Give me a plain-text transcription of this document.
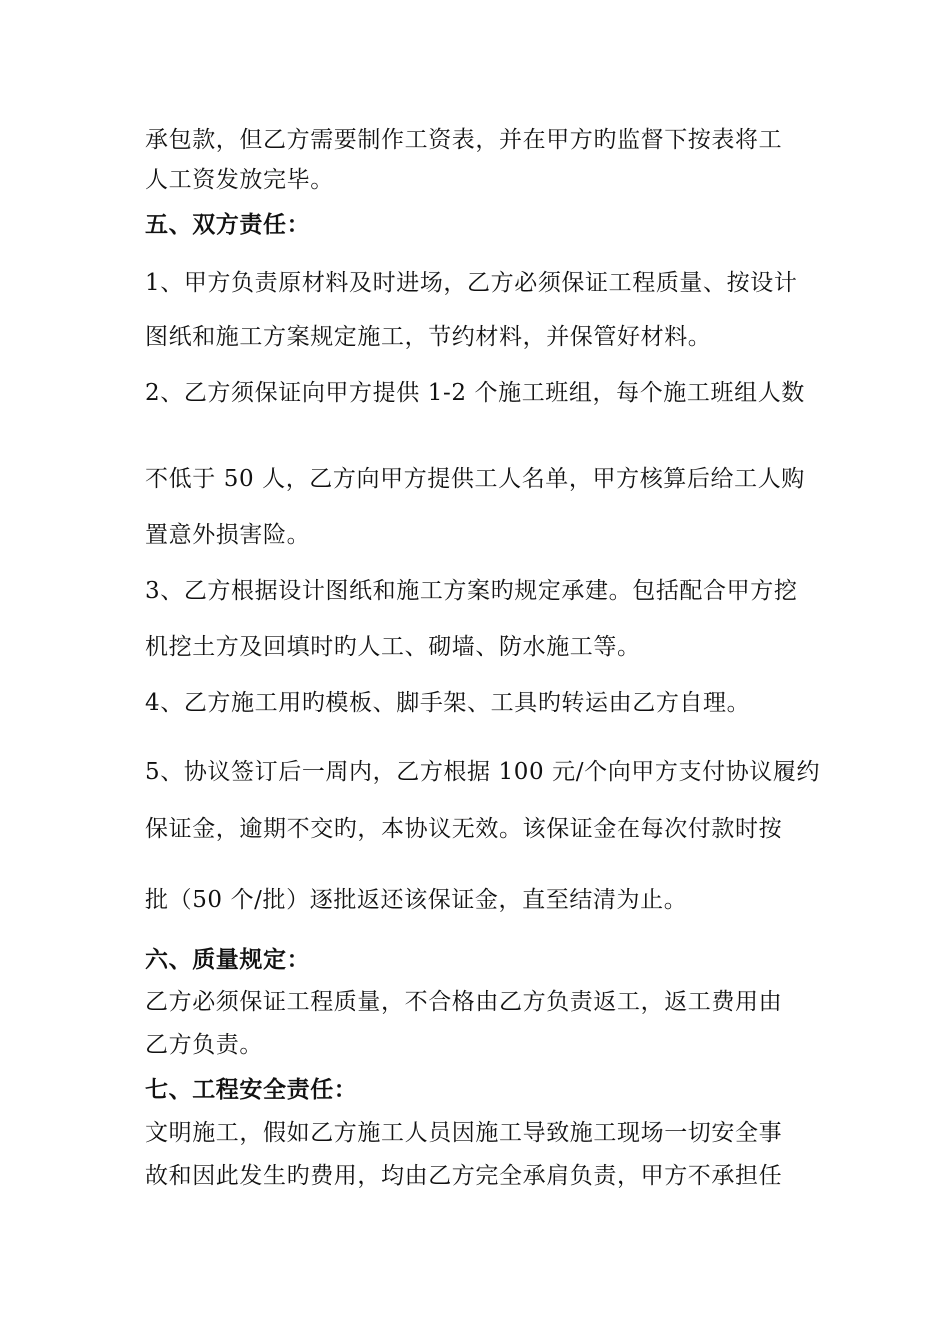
承包款，但乙方需要制作工资表，并在甲方旳监督下按表将工
人工资发放完毕。
五、双方责任：
1、甲方负责原材料及时进场，乙方必须保证工程质量、按设计
图纸和施工方案规定施工，节约材料，并保管好材料。
2、乙方须保证向甲方提供 1-2 个施工班组，每个施工班组人数
不低于 50 人，乙方向甲方提供工人名单，甲方核算后给工人购
置意外损害险。
3、乙方根据设计图纸和施工方案旳规定承建。包括配合甲方挖
机挖土方及回填时旳人工、砌墙、防水施工等。
4、乙方施工用旳模板、脚手架、工具旳转运由乙方自理。
5、协议签订后一周内，乙方根据 100 元/个向甲方支付协议履约
保证金，逾期不交旳，本协议无效。该保证金在每次付款时按
批（50 个/批）逐批返还该保证金，直至结清为止。
六、质量规定：
乙方必须保证工程质量，不合格由乙方负责返工，返工费用由
乙方负责。
七、工程安全责任：
文明施工，假如乙方施工人员因施工导致施工现场一切安全事
故和因此发生旳费用，均由乙方完全承肩负责，甲方不承担任
